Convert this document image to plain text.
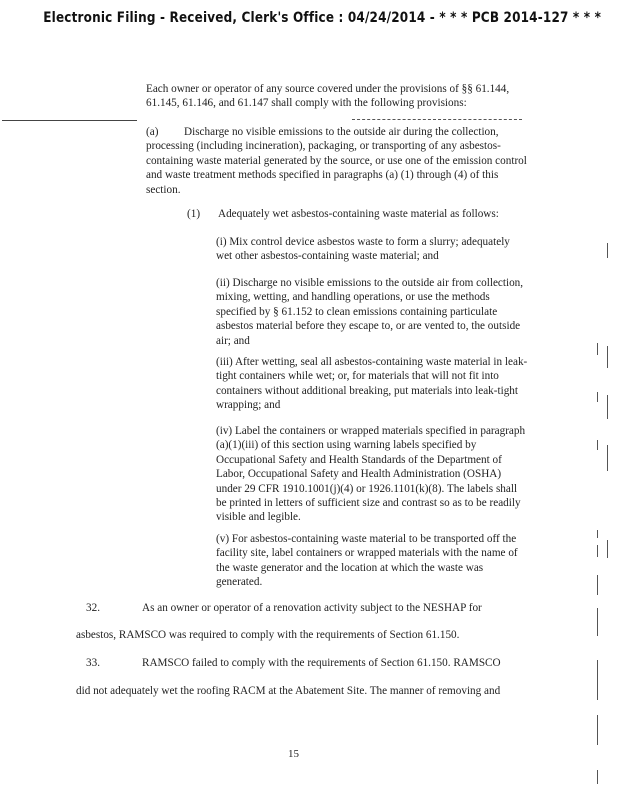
Electronic Filing - Received, Clerk's Office : 04/24/2014 - * * * PCB 2014-127 * * *

Each owner or operator of any source covered under the provisions of §§ 61.144, 61.145, 61.146, and 61.147 shall comply with the following provisions:

(a) Discharge no visible emissions to the outside air during the collection, processing (including incineration), packaging, or transporting of any asbestos-containing waste material generated by the source, or use one of the emission control and waste treatment methods specified in paragraphs (a) (1) through (4) of this section.

(1) Adequately wet asbestos-containing waste material as follows:

(i) Mix control device asbestos waste to form a slurry; adequately wet other asbestos-containing waste material; and

(ii) Discharge no visible emissions to the outside air from collection, mixing, wetting, and handling operations, or use the methods specified by § 61.152 to clean emissions containing particulate asbestos material before they escape to, or are vented to, the outside air; and

(iii) After wetting, seal all asbestos-containing waste material in leak-tight containers while wet; or, for materials that will not fit into containers without additional breaking, put materials into leak-tight wrapping; and

(iv) Label the containers or wrapped materials specified in paragraph (a)(1)(iii) of this section using warning labels specified by Occupational Safety and Health Standards of the Department of Labor, Occupational Safety and Health Administration (OSHA) under 29 CFR 1910.1001(j)(4) or 1926.1101(k)(8). The labels shall be printed in letters of sufficient size and contrast so as to be readily visible and legible.

(v) For asbestos-containing waste material to be transported off the facility site, label containers or wrapped materials with the name of the waste generator and the location at which the waste was generated.

32.	As an owner or operator of a renovation activity subject to the NESHAP for
asbestos, RAMSCO was required to comply with the requirements of Section 61.150.
33.	RAMSCO failed to comply with the requirements of Section 61.150. RAMSCO
did not adequately wet the roofing RACM at the Abatement Site. The manner of removing and
15
